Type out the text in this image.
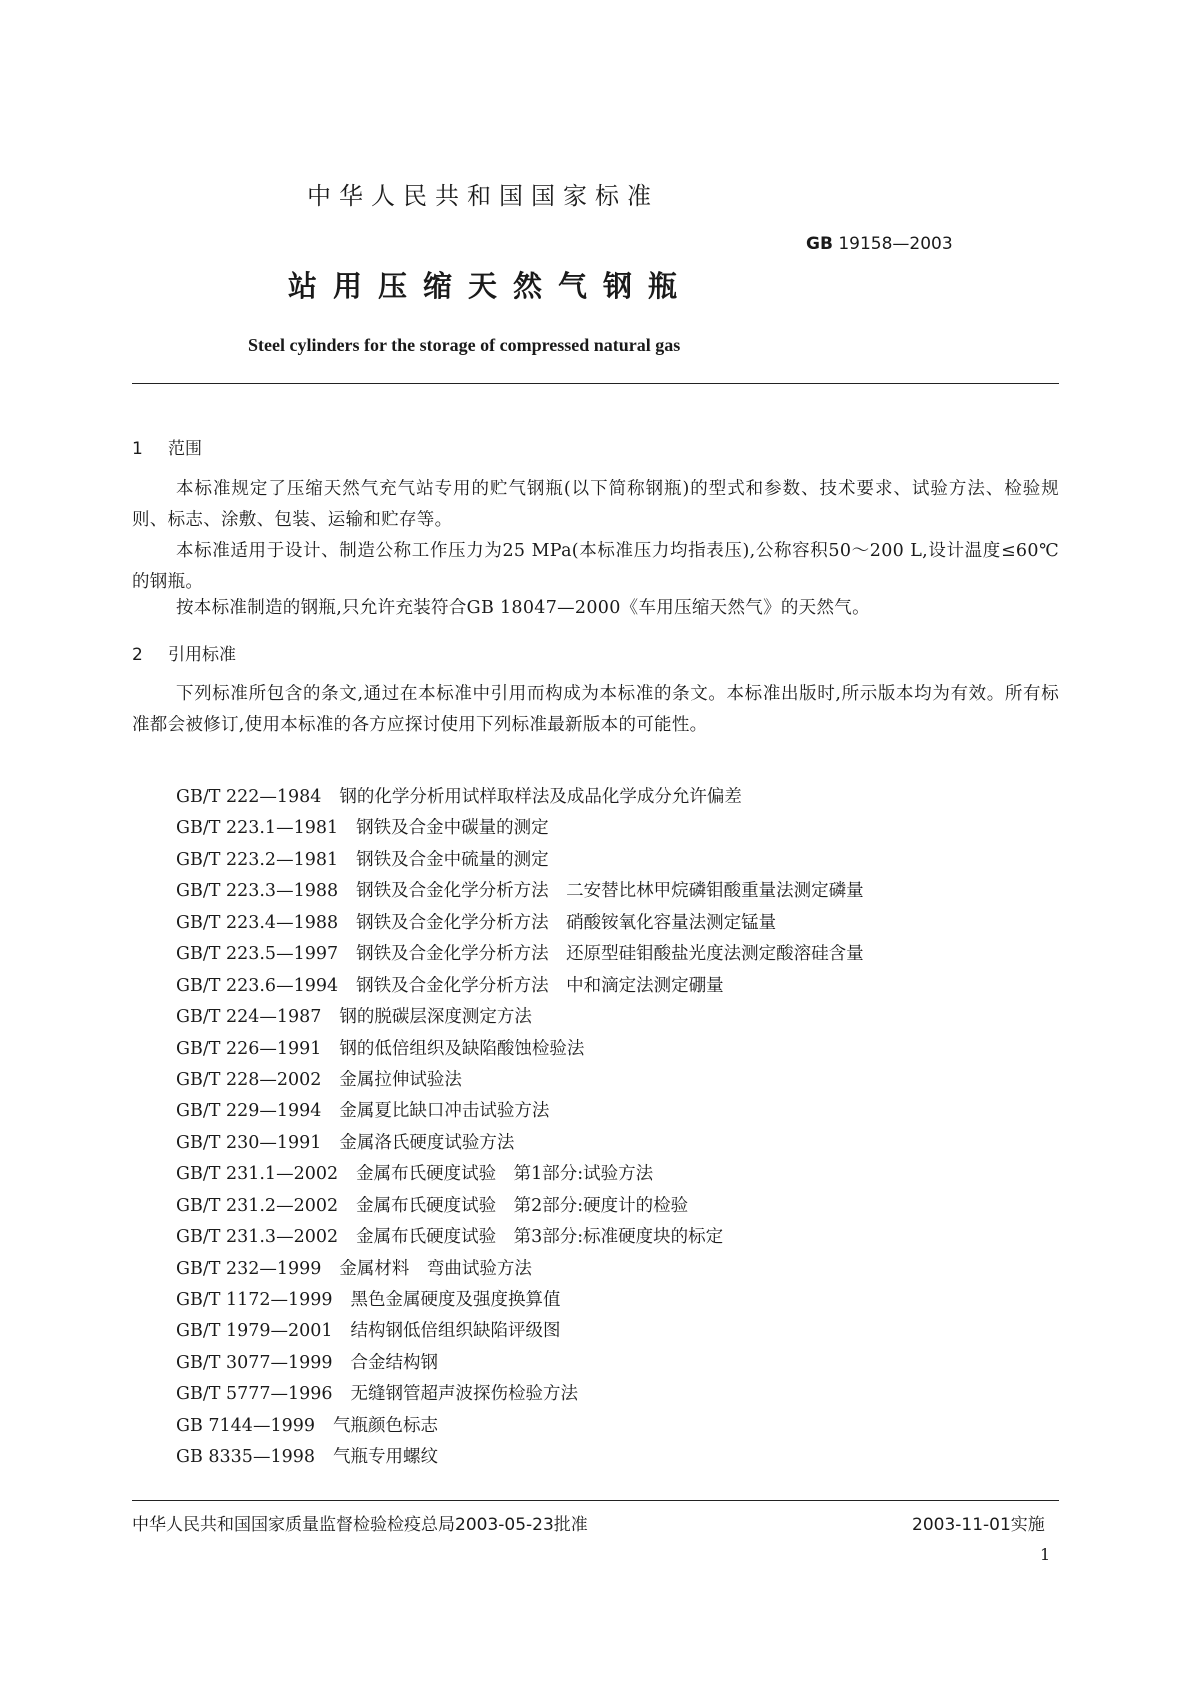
中华人民共和国国家标准
GB 19158—2003
站用压缩天然气钢瓶
Steel cylinders for the storage of compressed natural gas
1 范围
本标准规定了压缩天然气充气站专用的贮气钢瓶(以下简称钢瓶)的型式和参数、技术要求、试验方法、检验规则、标志、涂敷、包装、运输和贮存等。
本标准适用于设计、制造公称工作压力为25 MPa(本标准压力均指表压),公称容积50～200 L,设计温度≤60℃的钢瓶。
按本标准制造的钢瓶,只允许充装符合GB 18047—2000《车用压缩天然气》的天然气。
2 引用标准
下列标准所包含的条文,通过在本标准中引用而构成为本标准的条文。本标准出版时,所示版本均为有效。所有标准都会被修订,使用本标准的各方应探讨使用下列标准最新版本的可能性。
GB/T 222—1984 钢的化学分析用试样取样法及成品化学成分允许偏差
GB/T 223.1—1981 钢铁及合金中碳量的测定
GB/T 223.2—1981 钢铁及合金中硫量的测定
GB/T 223.3—1988 钢铁及合金化学分析方法　二安替比林甲烷磷钼酸重量法测定磷量
GB/T 223.4—1988 钢铁及合金化学分析方法　硝酸铵氧化容量法测定锰量
GB/T 223.5—1997 钢铁及合金化学分析方法　还原型硅钼酸盐光度法测定酸溶硅含量
GB/T 223.6—1994 钢铁及合金化学分析方法　中和滴定法测定硼量
GB/T 224—1987 钢的脱碳层深度测定方法
GB/T 226—1991 钢的低倍组织及缺陷酸蚀检验法
GB/T 228—2002 金属拉伸试验法
GB/T 229—1994 金属夏比缺口冲击试验方法
GB/T 230—1991 金属洛氏硬度试验方法
GB/T 231.1—2002 金属布氏硬度试验　第1部分:试验方法
GB/T 231.2—2002 金属布氏硬度试验　第2部分:硬度计的检验
GB/T 231.3—2002 金属布氏硬度试验　第3部分:标准硬度块的标定
GB/T 232—1999 金属材料　弯曲试验方法
GB/T 1172—1999 黑色金属硬度及强度换算值
GB/T 1979—2001 结构钢低倍组织缺陷评级图
GB/T 3077—1999 合金结构钢
GB/T 5777—1996 无缝钢管超声波探伤检验方法
GB 7144—1999 气瓶颜色标志
GB 8335—1998 气瓶专用螺纹
中华人民共和国国家质量监督检验检疫总局2003-05-23批准	2003-11-01实施
1
